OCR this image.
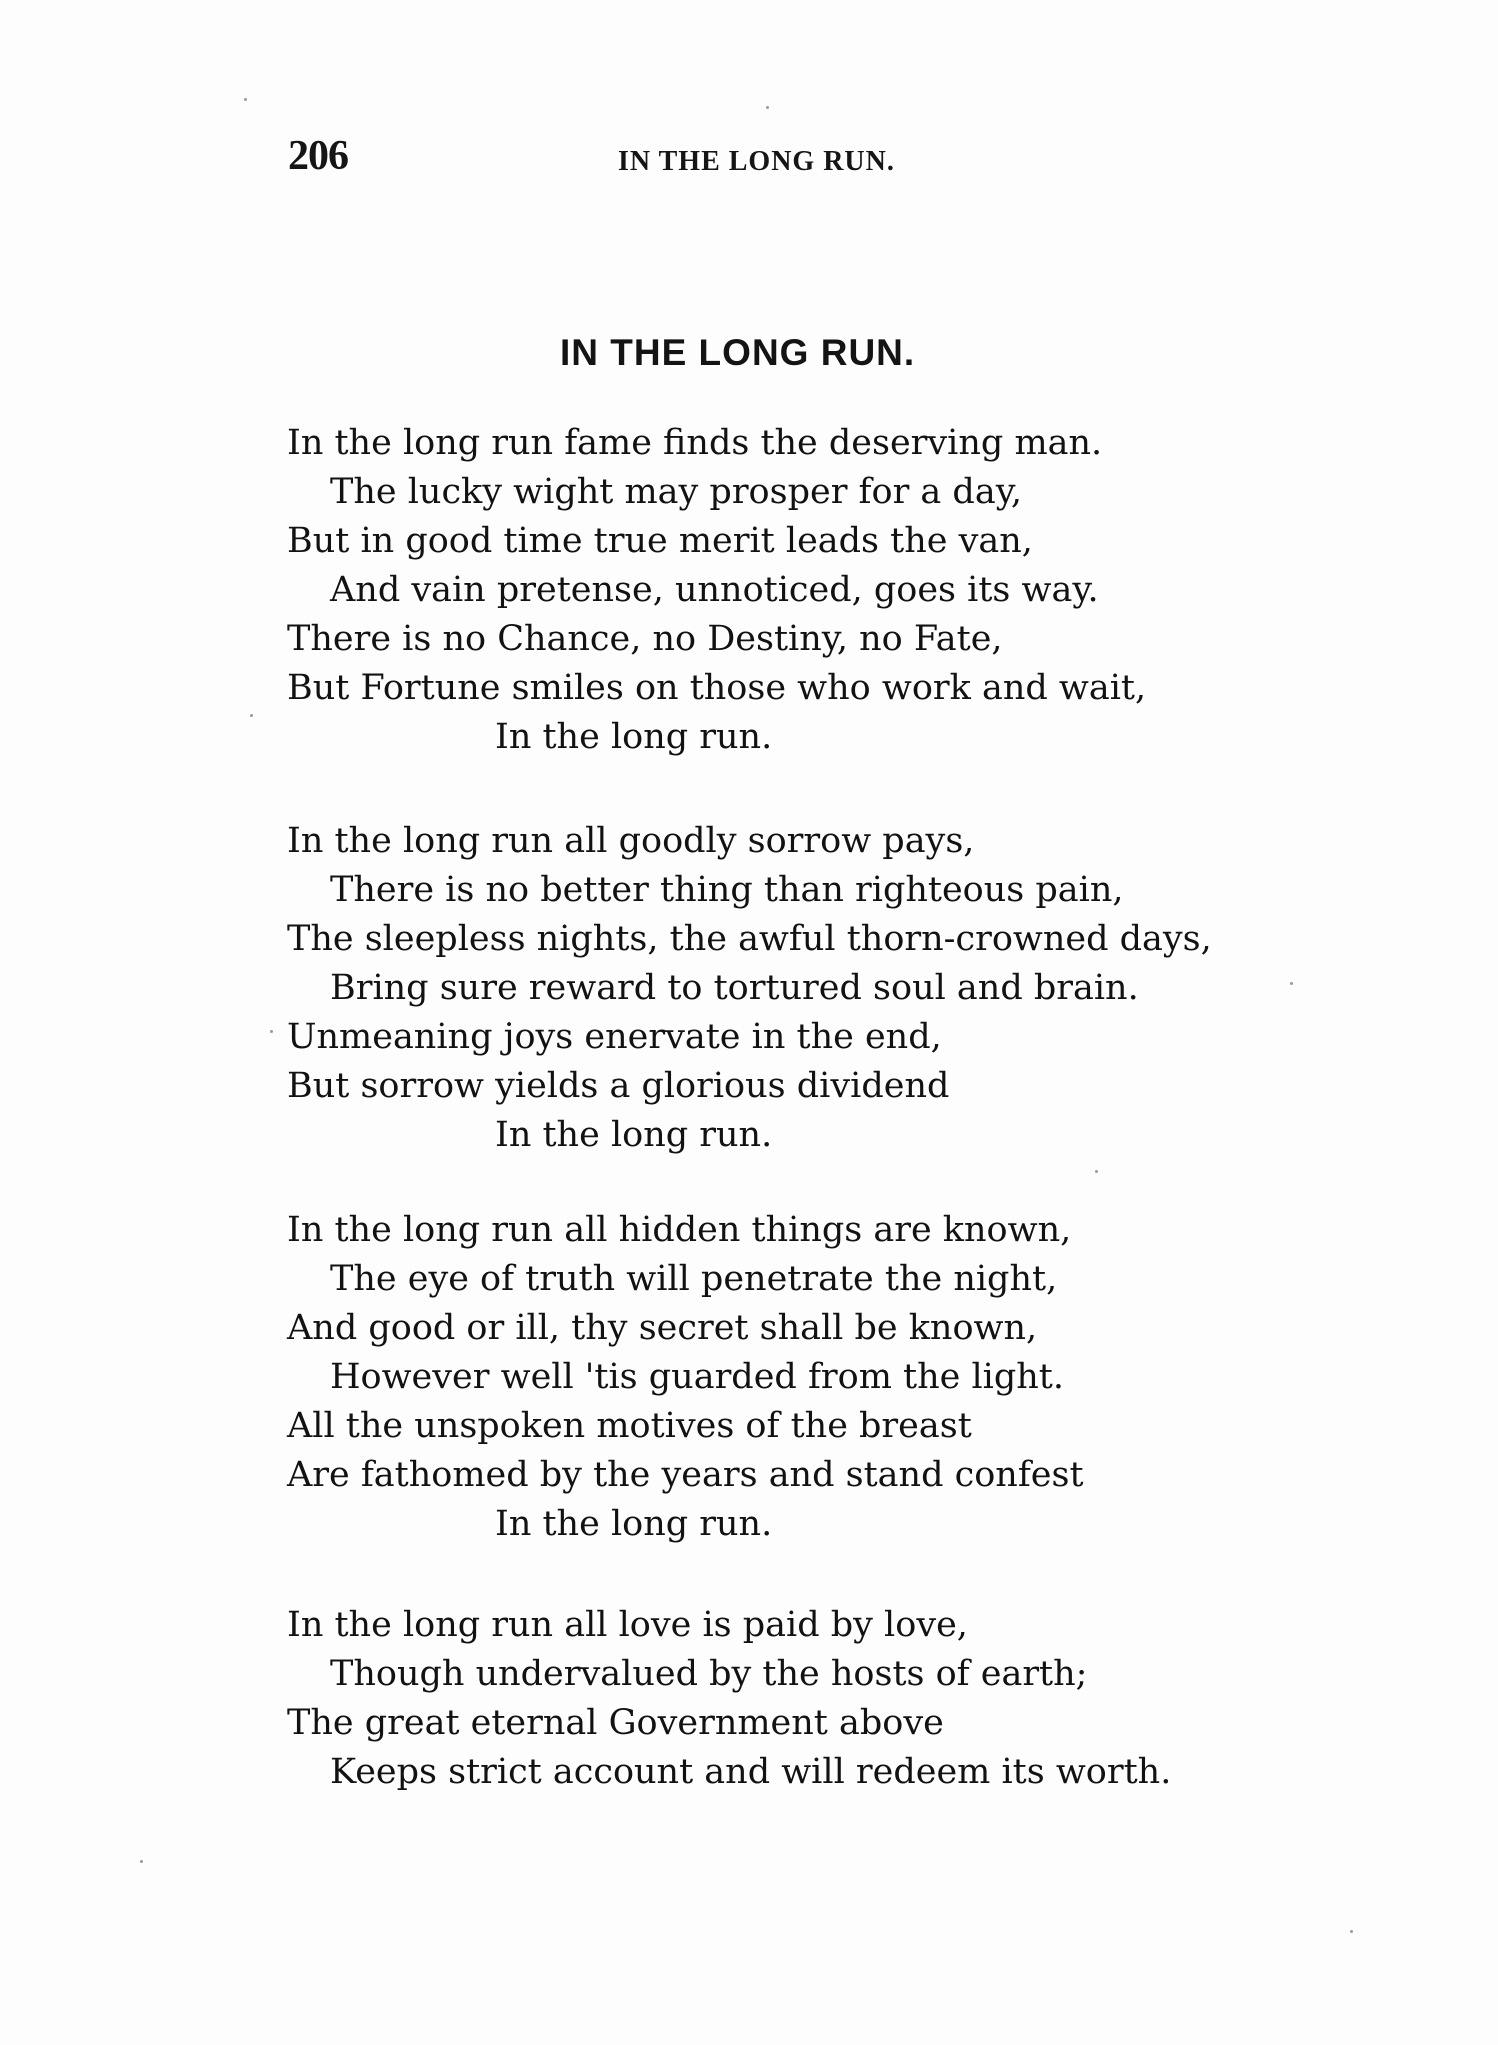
206	IN THE LONG RUN.
IN THE LONG RUN.
In the long run fame finds the deserving man.
The lucky wight may prosper for a day,
But in good time true merit leads the van,
And vain pretense, unnoticed, goes its way.
There is no Chance, no Destiny, no Fate,
But Fortune smiles on those who work and wait,
In the long run.
In the long run all goodly sorrow pays,
There is no better thing than righteous pain,
The sleepless nights, the awful thorn-crowned days,
Bring sure reward to tortured soul and brain.
Unmeaning joys enervate in the end,
But sorrow yields a glorious dividend
In the long run.
In the long run all hidden things are known,
The eye of truth will penetrate the night,
And good or ill, thy secret shall be known,
However well 'tis guarded from the light.
All the unspoken motives of the breast
Are fathomed by the years and stand confest
In the long run.
In the long run all love is paid by love,
Though undervalued by the hosts of earth;
The great eternal Government above
Keeps strict account and will redeem its worth.
